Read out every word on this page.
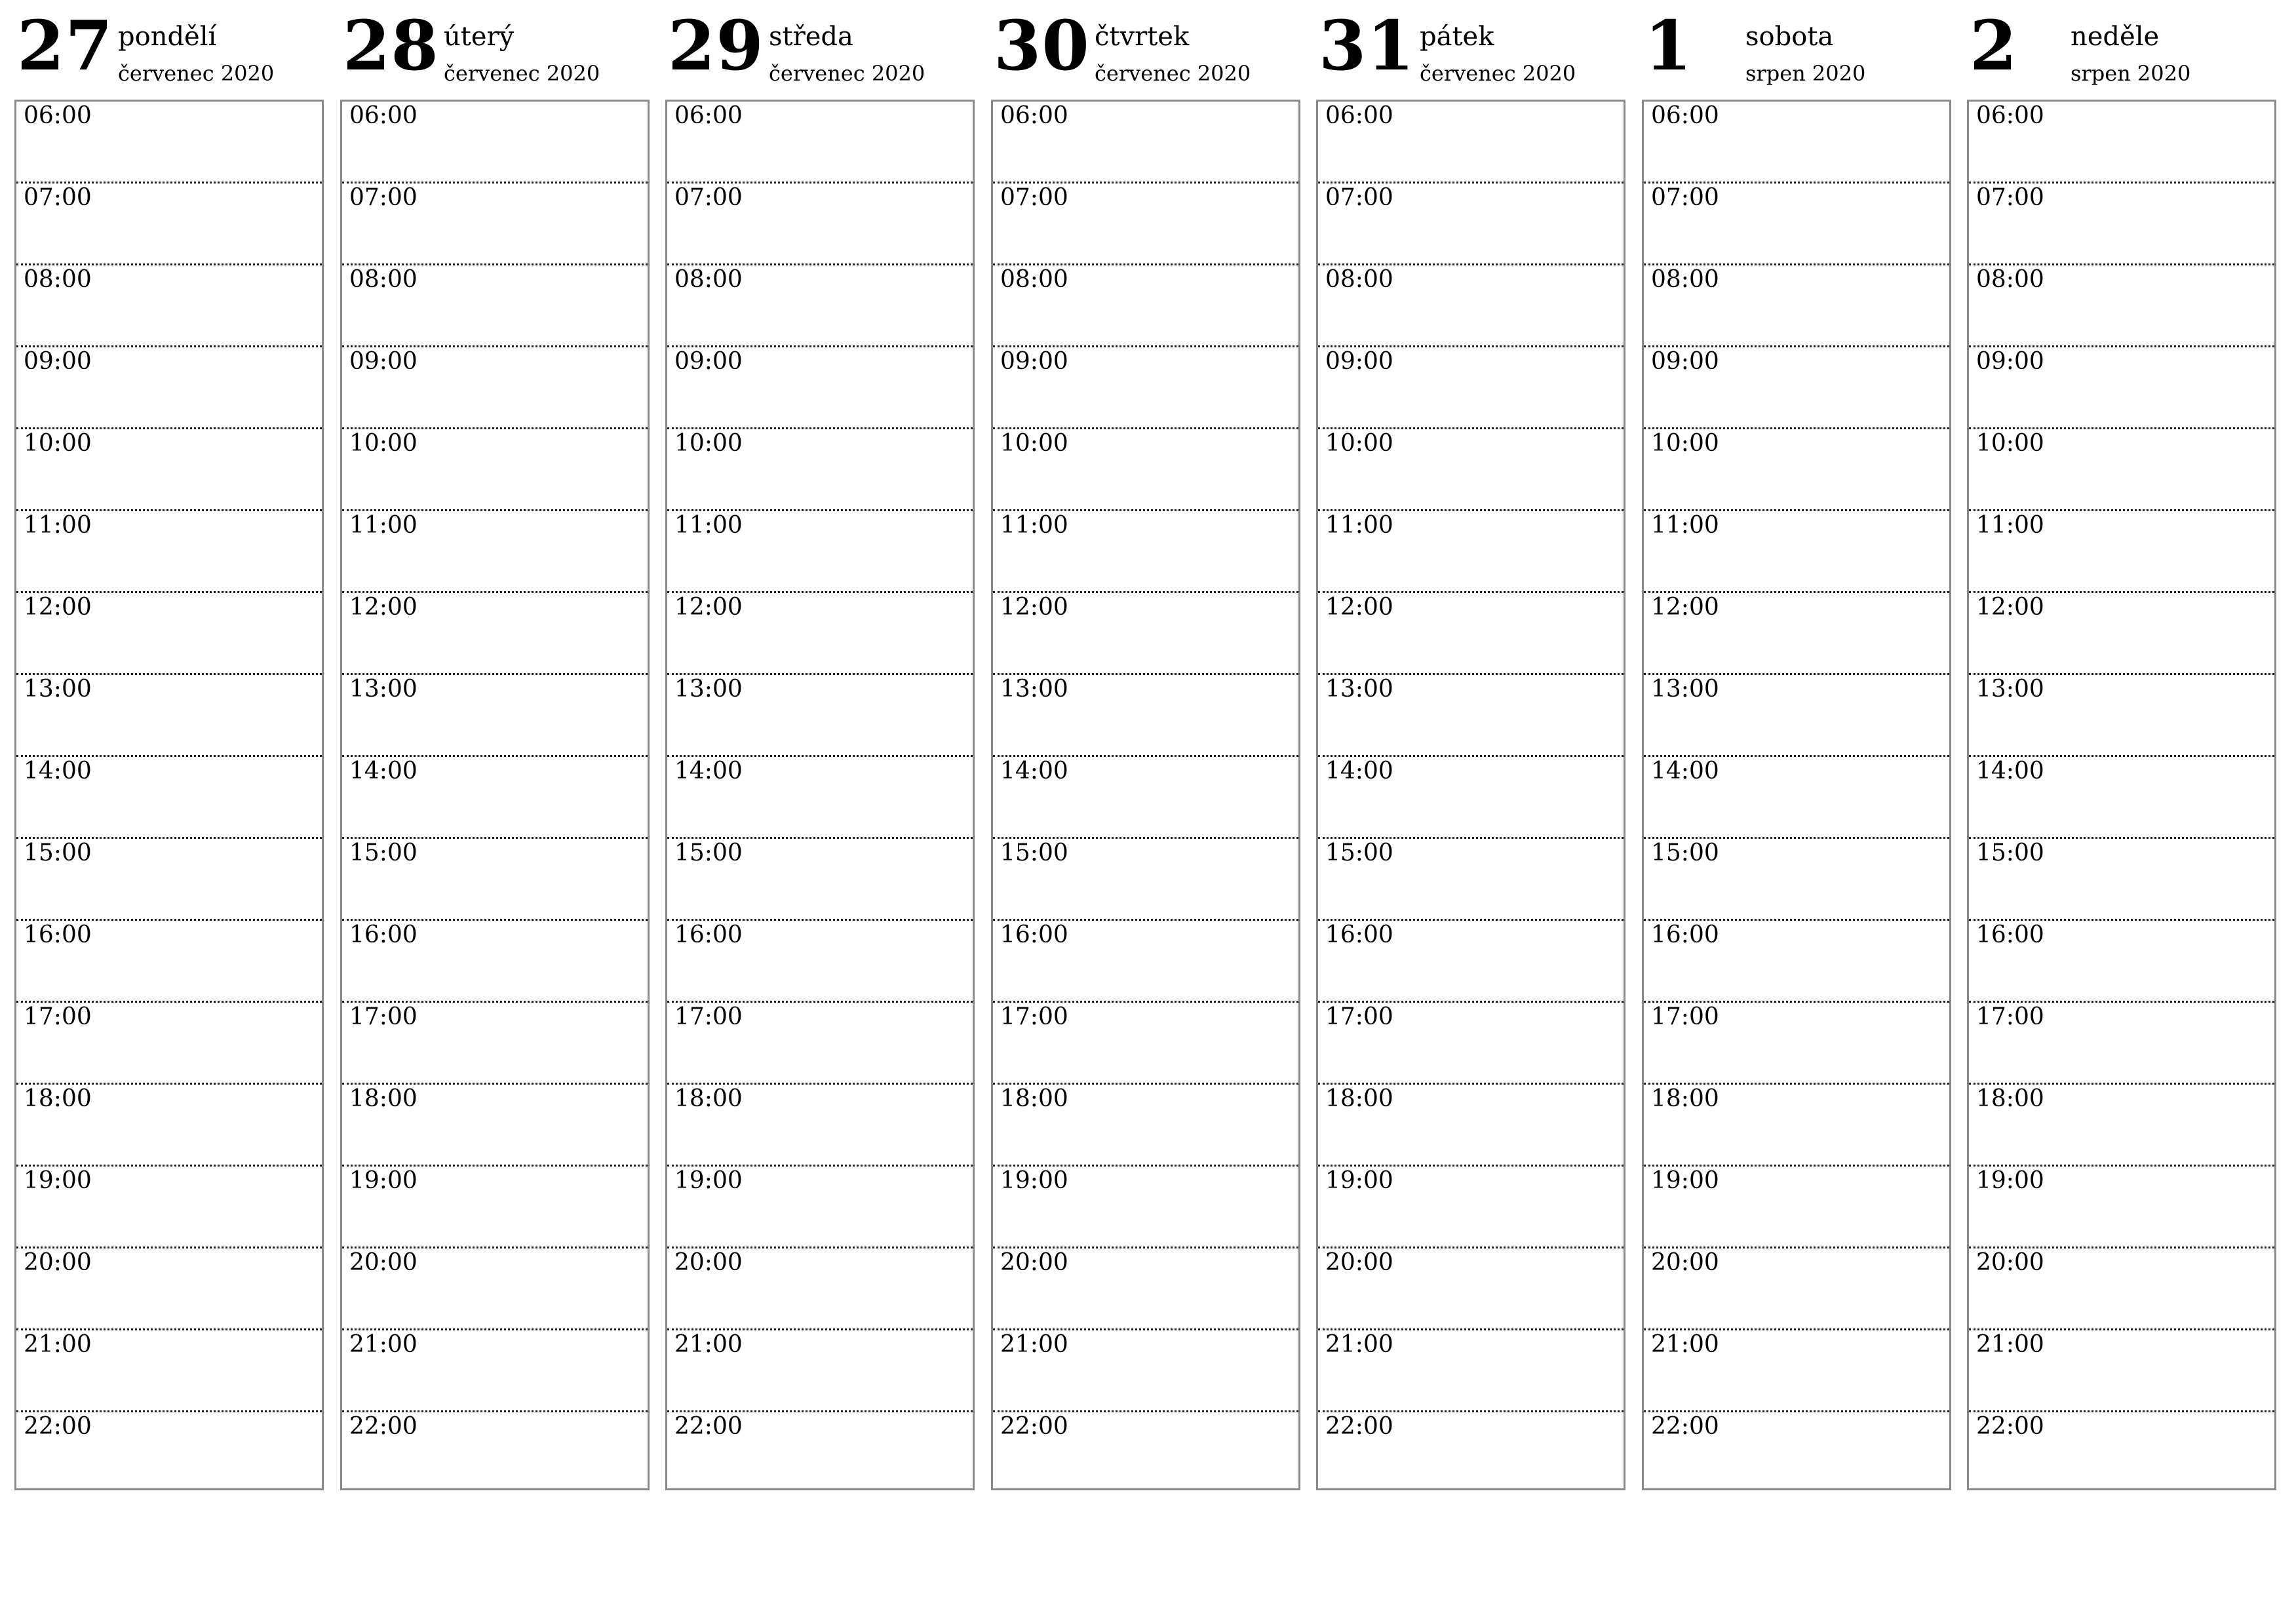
27 pondělí
červenec 2020
06:00
07:00
08:00
09:00
10:00
11:00
12:00
13:00
14:00
15:00
16:00
17:00
18:00
19:00
20:00
21:00
22:00
28 úterý
červenec 2020
06:00
07:00
08:00
09:00
10:00
11:00
12:00
13:00
14:00
15:00
16:00
17:00
18:00
19:00
20:00
21:00
22:00
29 středa
červenec 2020
06:00
07:00
08:00
09:00
10:00
11:00
12:00
13:00
14:00
15:00
16:00
17:00
18:00
19:00
20:00
21:00
22:00
30 čtvrtek
červenec 2020
06:00
07:00
08:00
09:00
10:00
11:00
12:00
13:00
14:00
15:00
16:00
17:00
18:00
19:00
20:00
21:00
22:00
31 pátek
červenec 2020
06:00
07:00
08:00
09:00
10:00
11:00
12:00
13:00
14:00
15:00
16:00
17:00
18:00
19:00
20:00
21:00
22:00
1 sobota
srpen 2020
06:00
07:00
08:00
09:00
10:00
11:00
12:00
13:00
14:00
15:00
16:00
17:00
18:00
19:00
20:00
21:00
22:00
2 neděle
srpen 2020
06:00
07:00
08:00
09:00
10:00
11:00
12:00
13:00
14:00
15:00
16:00
17:00
18:00
19:00
20:00
21:00
22:00
